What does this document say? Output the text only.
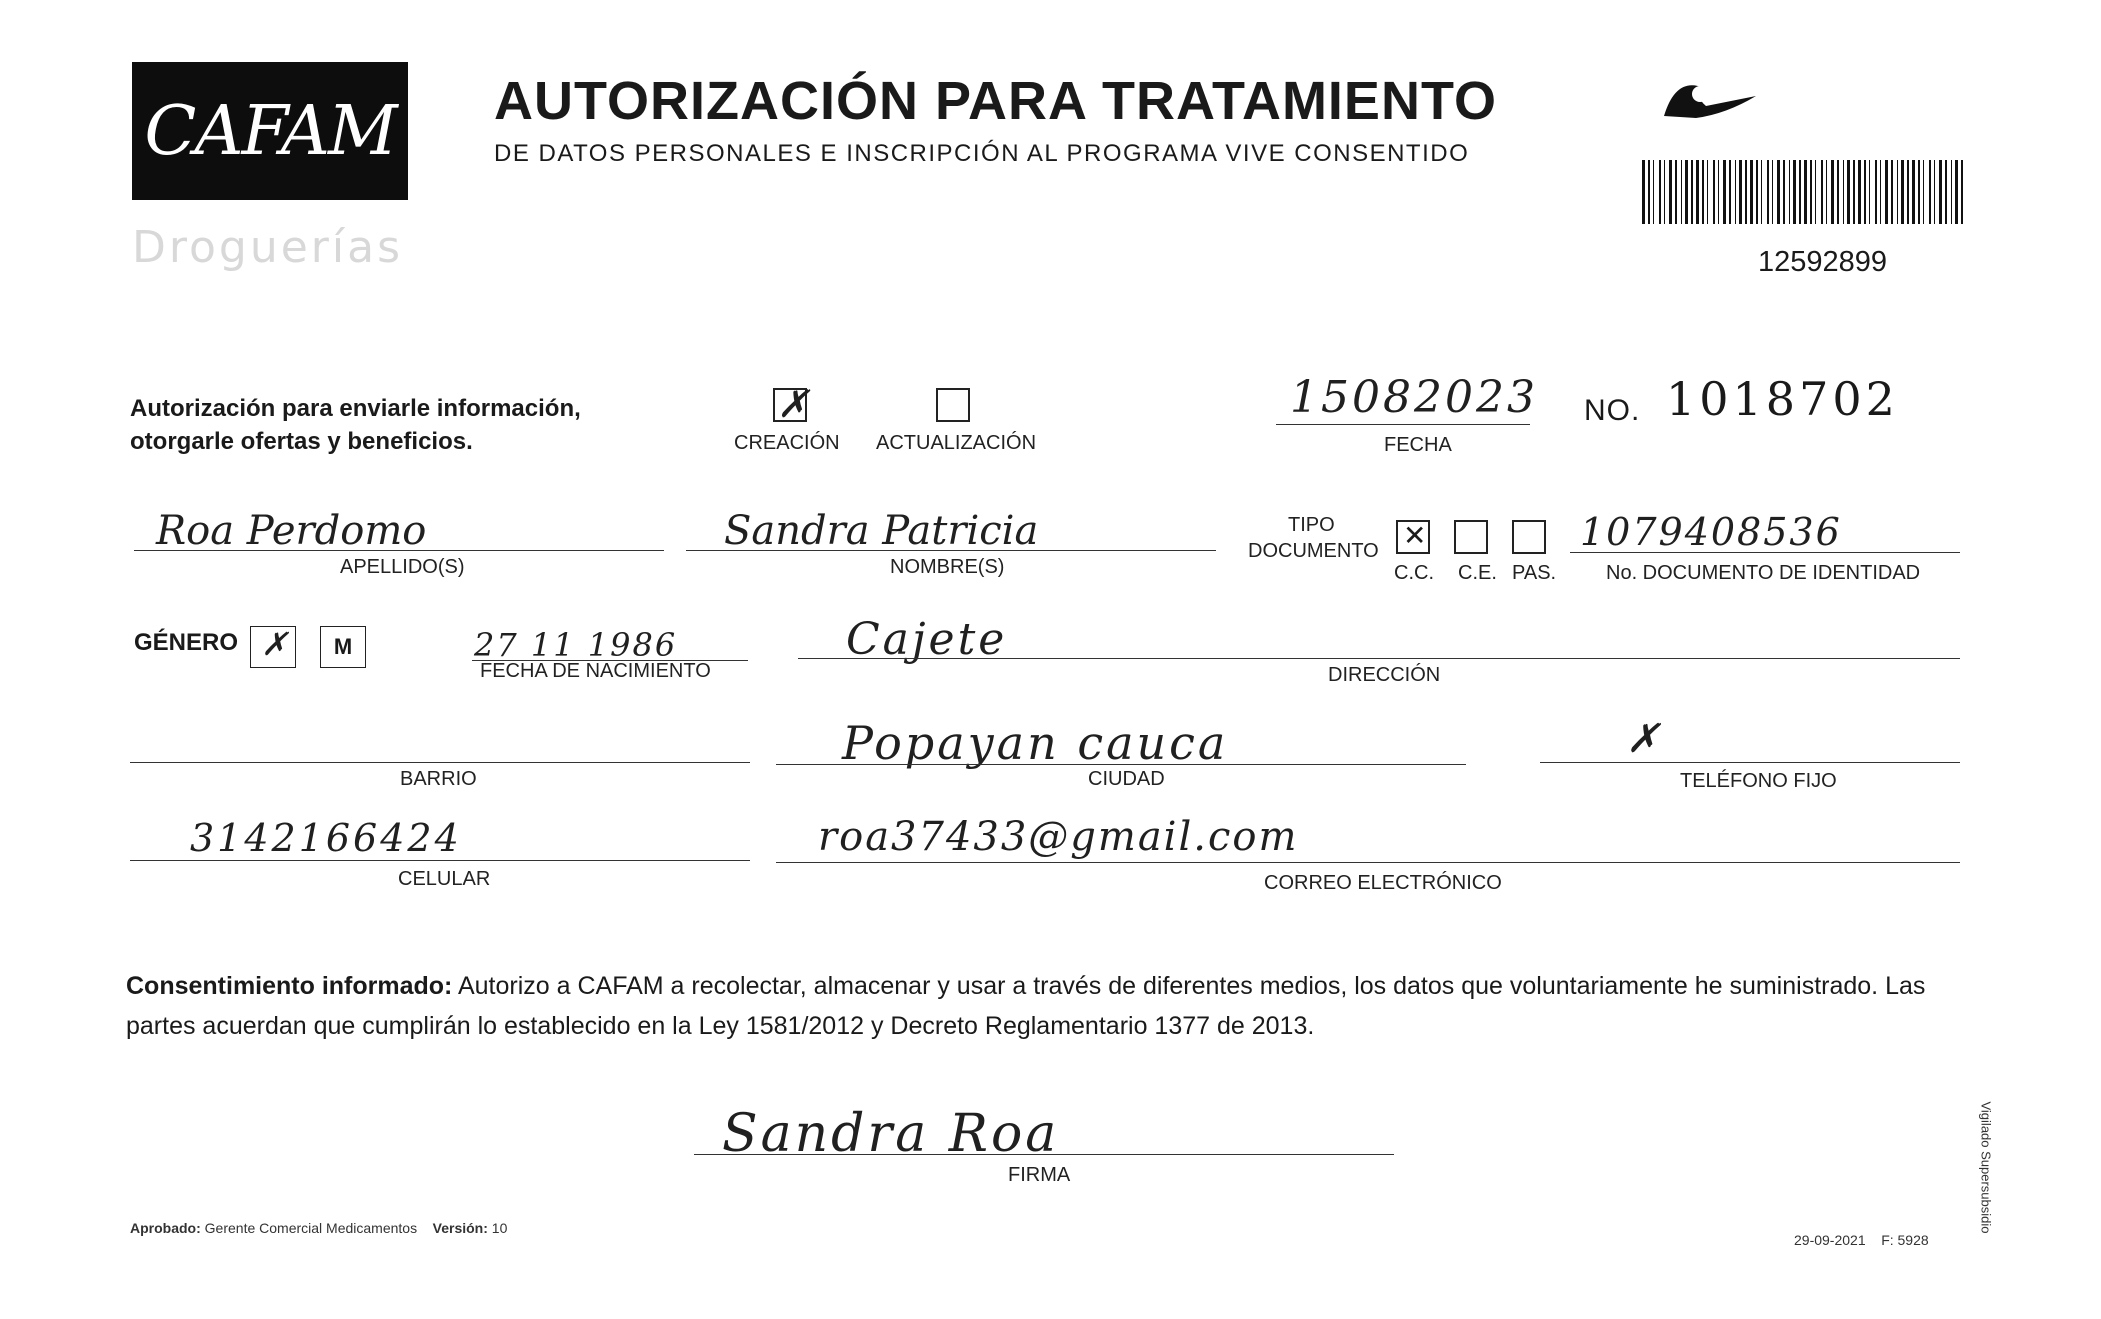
CAFAM
Droguerías
AUTORIZACIÓN PARA TRATAMIENTO
DE DATOS PERSONALES E INSCRIPCIÓN AL PROGRAMA VIVE CONSENTIDO
12592899
Autorización para enviarle información,
otorgarle ofertas y beneficios.
✗
CREACIÓN ACTUALIZACIÓN
15082023
FECHA
NO. 1018702
Roa Perdomo
APELLIDO(S)
Sandra Patricia
NOMBRE(S)
TIPO
DOCUMENTO ✕
C.C. C.E. PAS.
1079408536
No. DOCUMENTO DE IDENTIDAD
GÉNERO ✗ M	27 11 1986
FECHA DE NACIMIENTO
Cajete
DIRECCIÓN
BARRIO
Popayan cauca
CIUDAD
✗
TELÉFONO FIJO
3142166424
CELULAR
roa37433@gmail.com
CORREO ELECTRÓNICO
Consentimiento informado: Autorizo a CAFAM a recolectar, almacenar y usar a través de diferentes medios, los datos que voluntariamente he suministrado. Las partes acuerdan que cumplirán lo establecido en la Ley 1581/2012 y Decreto Reglamentario 1377 de 2013.
Sandra Roa
FIRMA
Aprobado: Gerente Comercial Medicamentos Versión: 10
29-09-2021 F: 5928
Vigilado Supersubsidio
